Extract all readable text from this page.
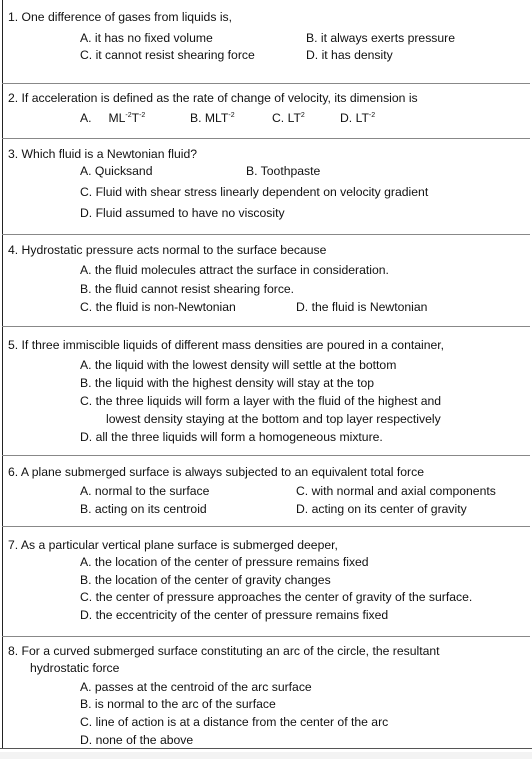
1. One difference of gases from liquids is,
A. it has no fixed volume	B. it always exerts pressure
C. it cannot resist shearing force	D. it has density
2. If acceleration is defined as the rate of change of velocity, its dimension is
A. $ML^{-2}T^{-2}$	B. $MLT^{-2}$	C. $LT^2$	D. $LT^{-2}$
3. Which fluid is a Newtonian fluid?
A. Quicksand	B. Toothpaste
C. Fluid with shear stress linearly dependent on velocity gradient
D. Fluid assumed to have no viscosity
4. Hydrostatic pressure acts normal to the surface because
A. the fluid molecules attract the surface in consideration.
B. the fluid cannot resist shearing force.
C. the fluid is non-Newtonian	D. the fluid is Newtonian
5. If three immiscible liquids of different mass densities are poured in a container,
A. the liquid with the lowest density will settle at the bottom
B. the liquid with the highest density will stay at the top
C. the three liquids will form a layer with the fluid of the highest and
lowest density staying at the bottom and top layer respectively
D. all the three liquids will form a homogeneous mixture.
6. A plane submerged surface is always subjected to an equivalent total force
A. normal to the surface	C. with normal and axial components
B. acting on its centroid	D. acting on its center of gravity
7. As a particular vertical plane surface is submerged deeper,
A. the location of the center of pressure remains fixed
B. the location of the center of gravity changes
C. the center of pressure approaches the center of gravity of the surface.
D. the eccentricity of the center of pressure remains fixed
8. For a curved submerged surface constituting an arc of the circle, the resultant
hydrostatic force
A. passes at the centroid of the arc surface
B. is normal to the arc of the surface
C. line of action is at a distance from the center of the arc
D. none of the above
